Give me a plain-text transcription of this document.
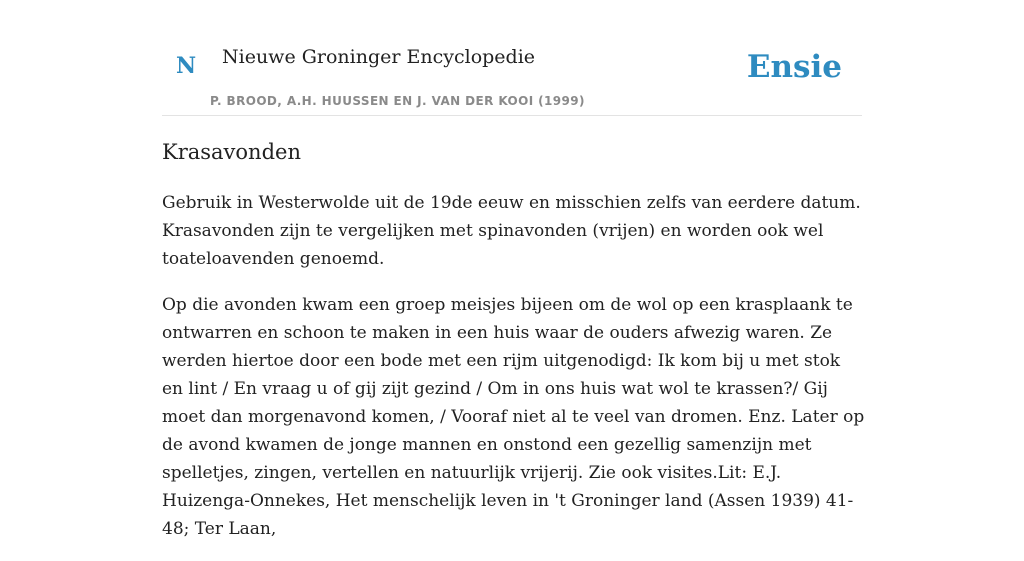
N Nieuwe Groninger Encyclopedie
P. BROOD, A.H. HUUSSEN EN J. VAN DER KOOI (1999)
Ensie
Krasavonden

Gebruik in Westerwolde uit de 19de eeuw en misschien zelfs van eerdere datum. Krasavonden zijn te vergelijken met spinavonden (vrijen) en worden ook wel toateloavenden genoemd.

Op die avonden kwam een groep meisjes bijeen om de wol op een krasplaank te ontwarren en schoon te maken in een huis waar de ouders afwezig waren. Ze werden hiertoe door een bode met een rijm uitgenodigd: Ik kom bij u met stok en lint / En vraag u of gij zijt gezind / Om in ons huis wat wol te krassen?/ Gij moet dan morgenavond komen, / Vooraf niet al te veel van dromen. Enz. Later op de avond kwamen de jonge mannen en onstond een gezellig samenzijn met spelletjes, zingen, vertellen en natuurlijk vrijerij. Zie ook visites.Lit: E.J. Huizenga-Onnekes, Het menschelijk leven in 't Groninger land (Assen 1939) 41-48; Ter Laan,
